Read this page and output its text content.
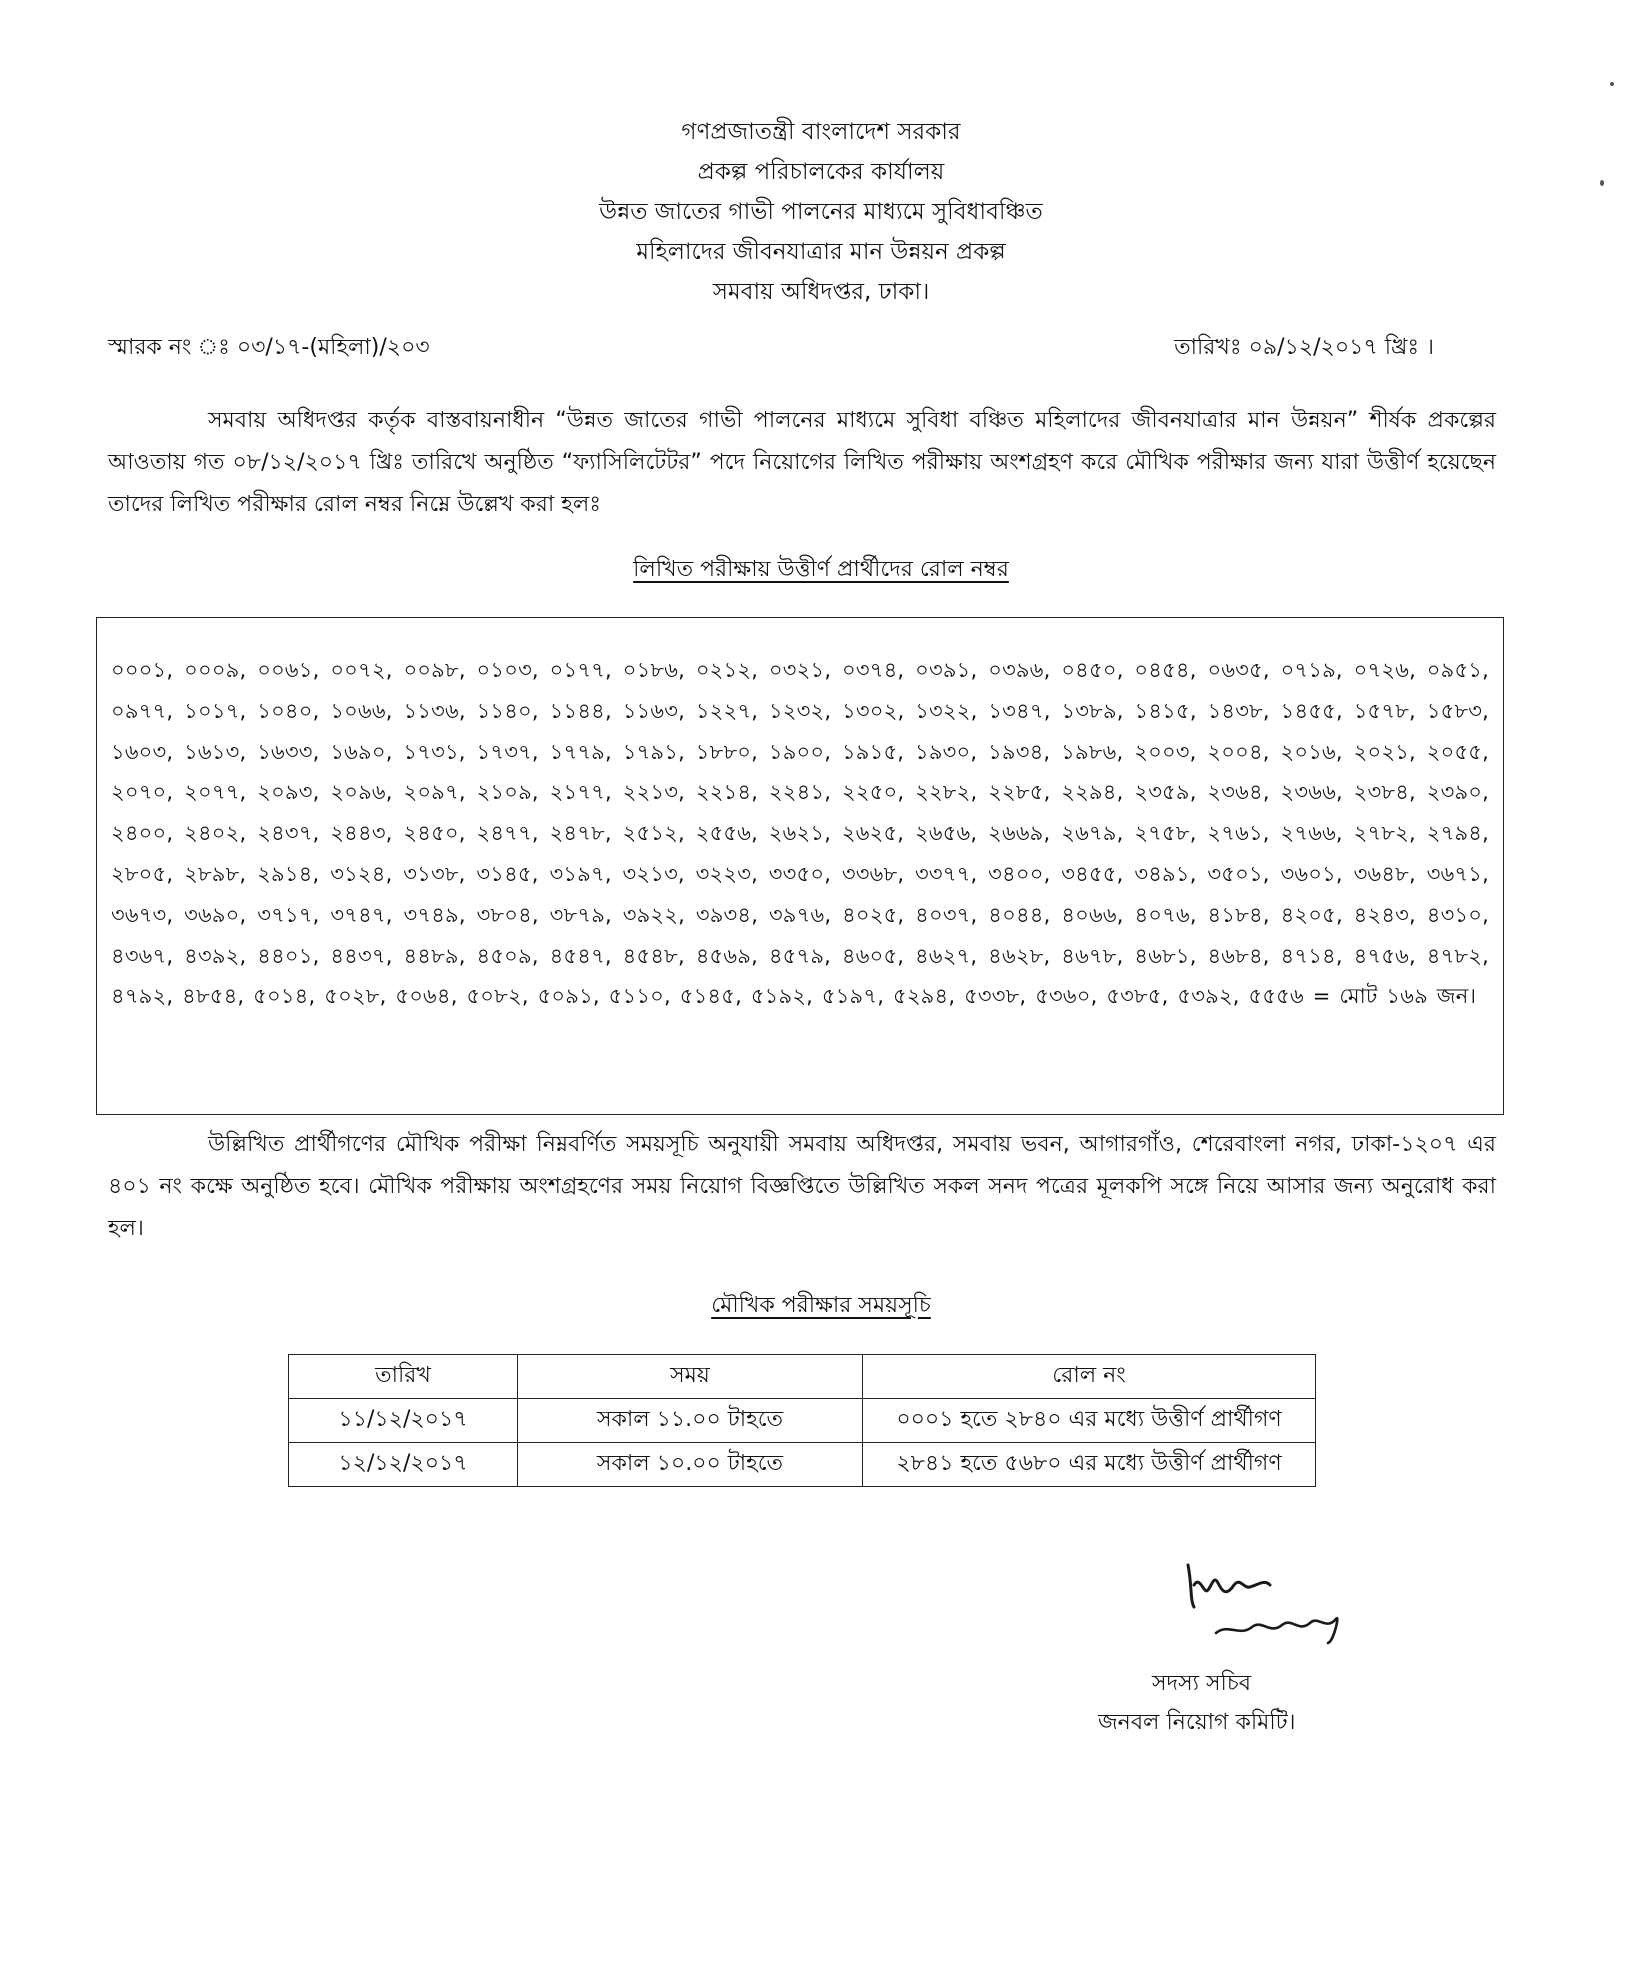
গণপ্রজাতন্ত্রী বাংলাদেশ সরকার
প্রকল্প পরিচালকের কার্যালয়
উন্নত জাতের গাভী পালনের মাধ্যমে সুবিধাবঞ্চিত
মহিলাদের জীবনযাত্রার মান উন্নয়ন প্রকল্প
সমবায় অধিদপ্তর, ঢাকা।
স্মারক নং ঃ ০৩/১৭-(মহিলা)/২০৩	তারিখঃ ০৯/১২/২০১৭ খ্রিঃ ।
সমবায় অধিদপ্তর কর্তৃক বাস্তবায়নাধীন “উন্নত জাতের গাভী পালনের মাধ্যমে সুবিধা বঞ্চিত মহিলাদের জীবনযাত্রার মান উন্নয়ন” শীর্ষক প্রকল্পের আওতায় গত ০৮/১২/২০১৭ খ্রিঃ তারিখে অনুষ্ঠিত “ফ্যাসিলিটেটর” পদে নিয়োগের লিখিত পরীক্ষায় অংশগ্রহণ করে মৌখিক পরীক্ষার জন্য যারা উত্তীর্ণ হয়েছেন তাদের লিখিত পরীক্ষার রোল নম্বর নিম্নে উল্লেখ করা হলঃ
লিখিত পরীক্ষায় উত্তীর্ণ প্রার্থীদের রোল নম্বর
০০০১, ০০০৯, ০০৬১, ০০৭২, ০০৯৮, ০১০৩, ০১৭৭, ০১৮৬, ০২১২, ০৩২১, ০৩৭৪, ০৩৯১, ০৩৯৬, ০৪৫০, ০৪৫৪, ০৬৩৫, ০৭১৯, ০৭২৬, ০৯৫১, ০৯৭৭, ১০১৭, ১০৪০, ১০৬৬, ১১৩৬, ১১৪০, ১১৪৪, ১১৬৩, ১২২৭, ১২৩২, ১৩০২, ১৩২২, ১৩৪৭, ১৩৮৯, ১৪১৫, ১৪৩৮, ১৪৫৫, ১৫৭৮, ১৫৮৩, ১৬০৩, ১৬১৩, ১৬৩৩, ১৬৯০, ১৭৩১, ১৭৩৭, ১৭৭৯, ১৭৯১, ১৮৮০, ১৯০০, ১৯১৫, ১৯৩০, ১৯৩৪, ১৯৮৬, ২০০৩, ২০০৪, ২০১৬, ২০২১, ২০৫৫, ২০৭০, ২০৭৭, ২০৯৩, ২০৯৬, ২০৯৭, ২১০৯, ২১৭৭, ২২১৩, ২২১৪, ২২৪১, ২২৫০, ২২৮২, ২২৮৫, ২২৯৪, ২৩৫৯, ২৩৬৪, ২৩৬৬, ২৩৮৪, ২৩৯০, ২৪০০, ২৪০২, ২৪৩৭, ২৪৪৩, ২৪৫০, ২৪৭৭, ২৪৭৮, ২৫১২, ২৫৫৬, ২৬২১, ২৬২৫, ২৬৫৬, ২৬৬৯, ২৬৭৯, ২৭৫৮, ২৭৬১, ২৭৬৬, ২৭৮২, ২৭৯৪, ২৮০৫, ২৮৯৮, ২৯১৪, ৩১২৪, ৩১৩৮, ৩১৪৫, ৩১৯৭, ৩২১৩, ৩২২৩, ৩৩৫০, ৩৩৬৮, ৩৩৭৭, ৩৪০০, ৩৪৫৫, ৩৪৯১, ৩৫০১, ৩৬০১, ৩৬৪৮, ৩৬৭১, ৩৬৭৩, ৩৬৯০, ৩৭১৭, ৩৭৪৭, ৩৭৪৯, ৩৮০৪, ৩৮৭৯, ৩৯২২, ৩৯৩৪, ৩৯৭৬, ৪০২৫, ৪০৩৭, ৪০৪৪, ৪০৬৬, ৪০৭৬, ৪১৮৪, ৪২০৫, ৪২৪৩, ৪৩১০, ৪৩৬৭, ৪৩৯২, ৪৪০১, ৪৪৩৭, ৪৪৮৯, ৪৫০৯, ৪৫৪৭, ৪৫৪৮, ৪৫৬৯, ৪৫৭৯, ৪৬০৫, ৪৬২৭, ৪৬২৮, ৪৬৭৮, ৪৬৮১, ৪৬৮৪, ৪৭১৪, ৪৭৫৬, ৪৭৮২, ৪৭৯২, ৪৮৫৪, ৫০১৪, ৫০২৮, ৫০৬৪, ৫০৮২, ৫০৯১, ৫১১০, ৫১৪৫, ৫১৯২, ৫১৯৭, ৫২৯৪, ৫৩৩৮, ৫৩৬০, ৫৩৮৫, ৫৩৯২, ৫৫৫৬ = মোট ১৬৯ জন।
উল্লিখিত প্রার্থীগণের মৌখিক পরীক্ষা নিম্নবর্ণিত সময়সূচি অনুযায়ী সমবায় অধিদপ্তর, সমবায় ভবন, আগারগাঁও, শেরেবাংলা নগর, ঢাকা-১২০৭ এর ৪০১ নং কক্ষে অনুষ্ঠিত হবে। মৌখিক পরীক্ষায় অংশগ্রহণের সময় নিয়োগ বিজ্ঞপ্তিতে উল্লিখিত সকল সনদ পত্রের মূলকপি সঙ্গে নিয়ে আসার জন্য অনুরোধ করা হল।
মৌখিক পরীক্ষার সময়সূচি
তারিখ	সময়	রোল নং
১১/১২/২০১৭	সকাল ১১.০০ টাহতে	০০০১ হতে ২৮৪০ এর মধ্যে উত্তীর্ণ প্রার্থীগণ
১২/১২/২০১৭	সকাল ১০.০০ টাহতে	২৮৪১ হতে ৫৬৮০ এর মধ্যে উত্তীর্ণ প্রার্থীগণ
সদস্য সচিব
জনবল নিয়োগ কমিটি।
